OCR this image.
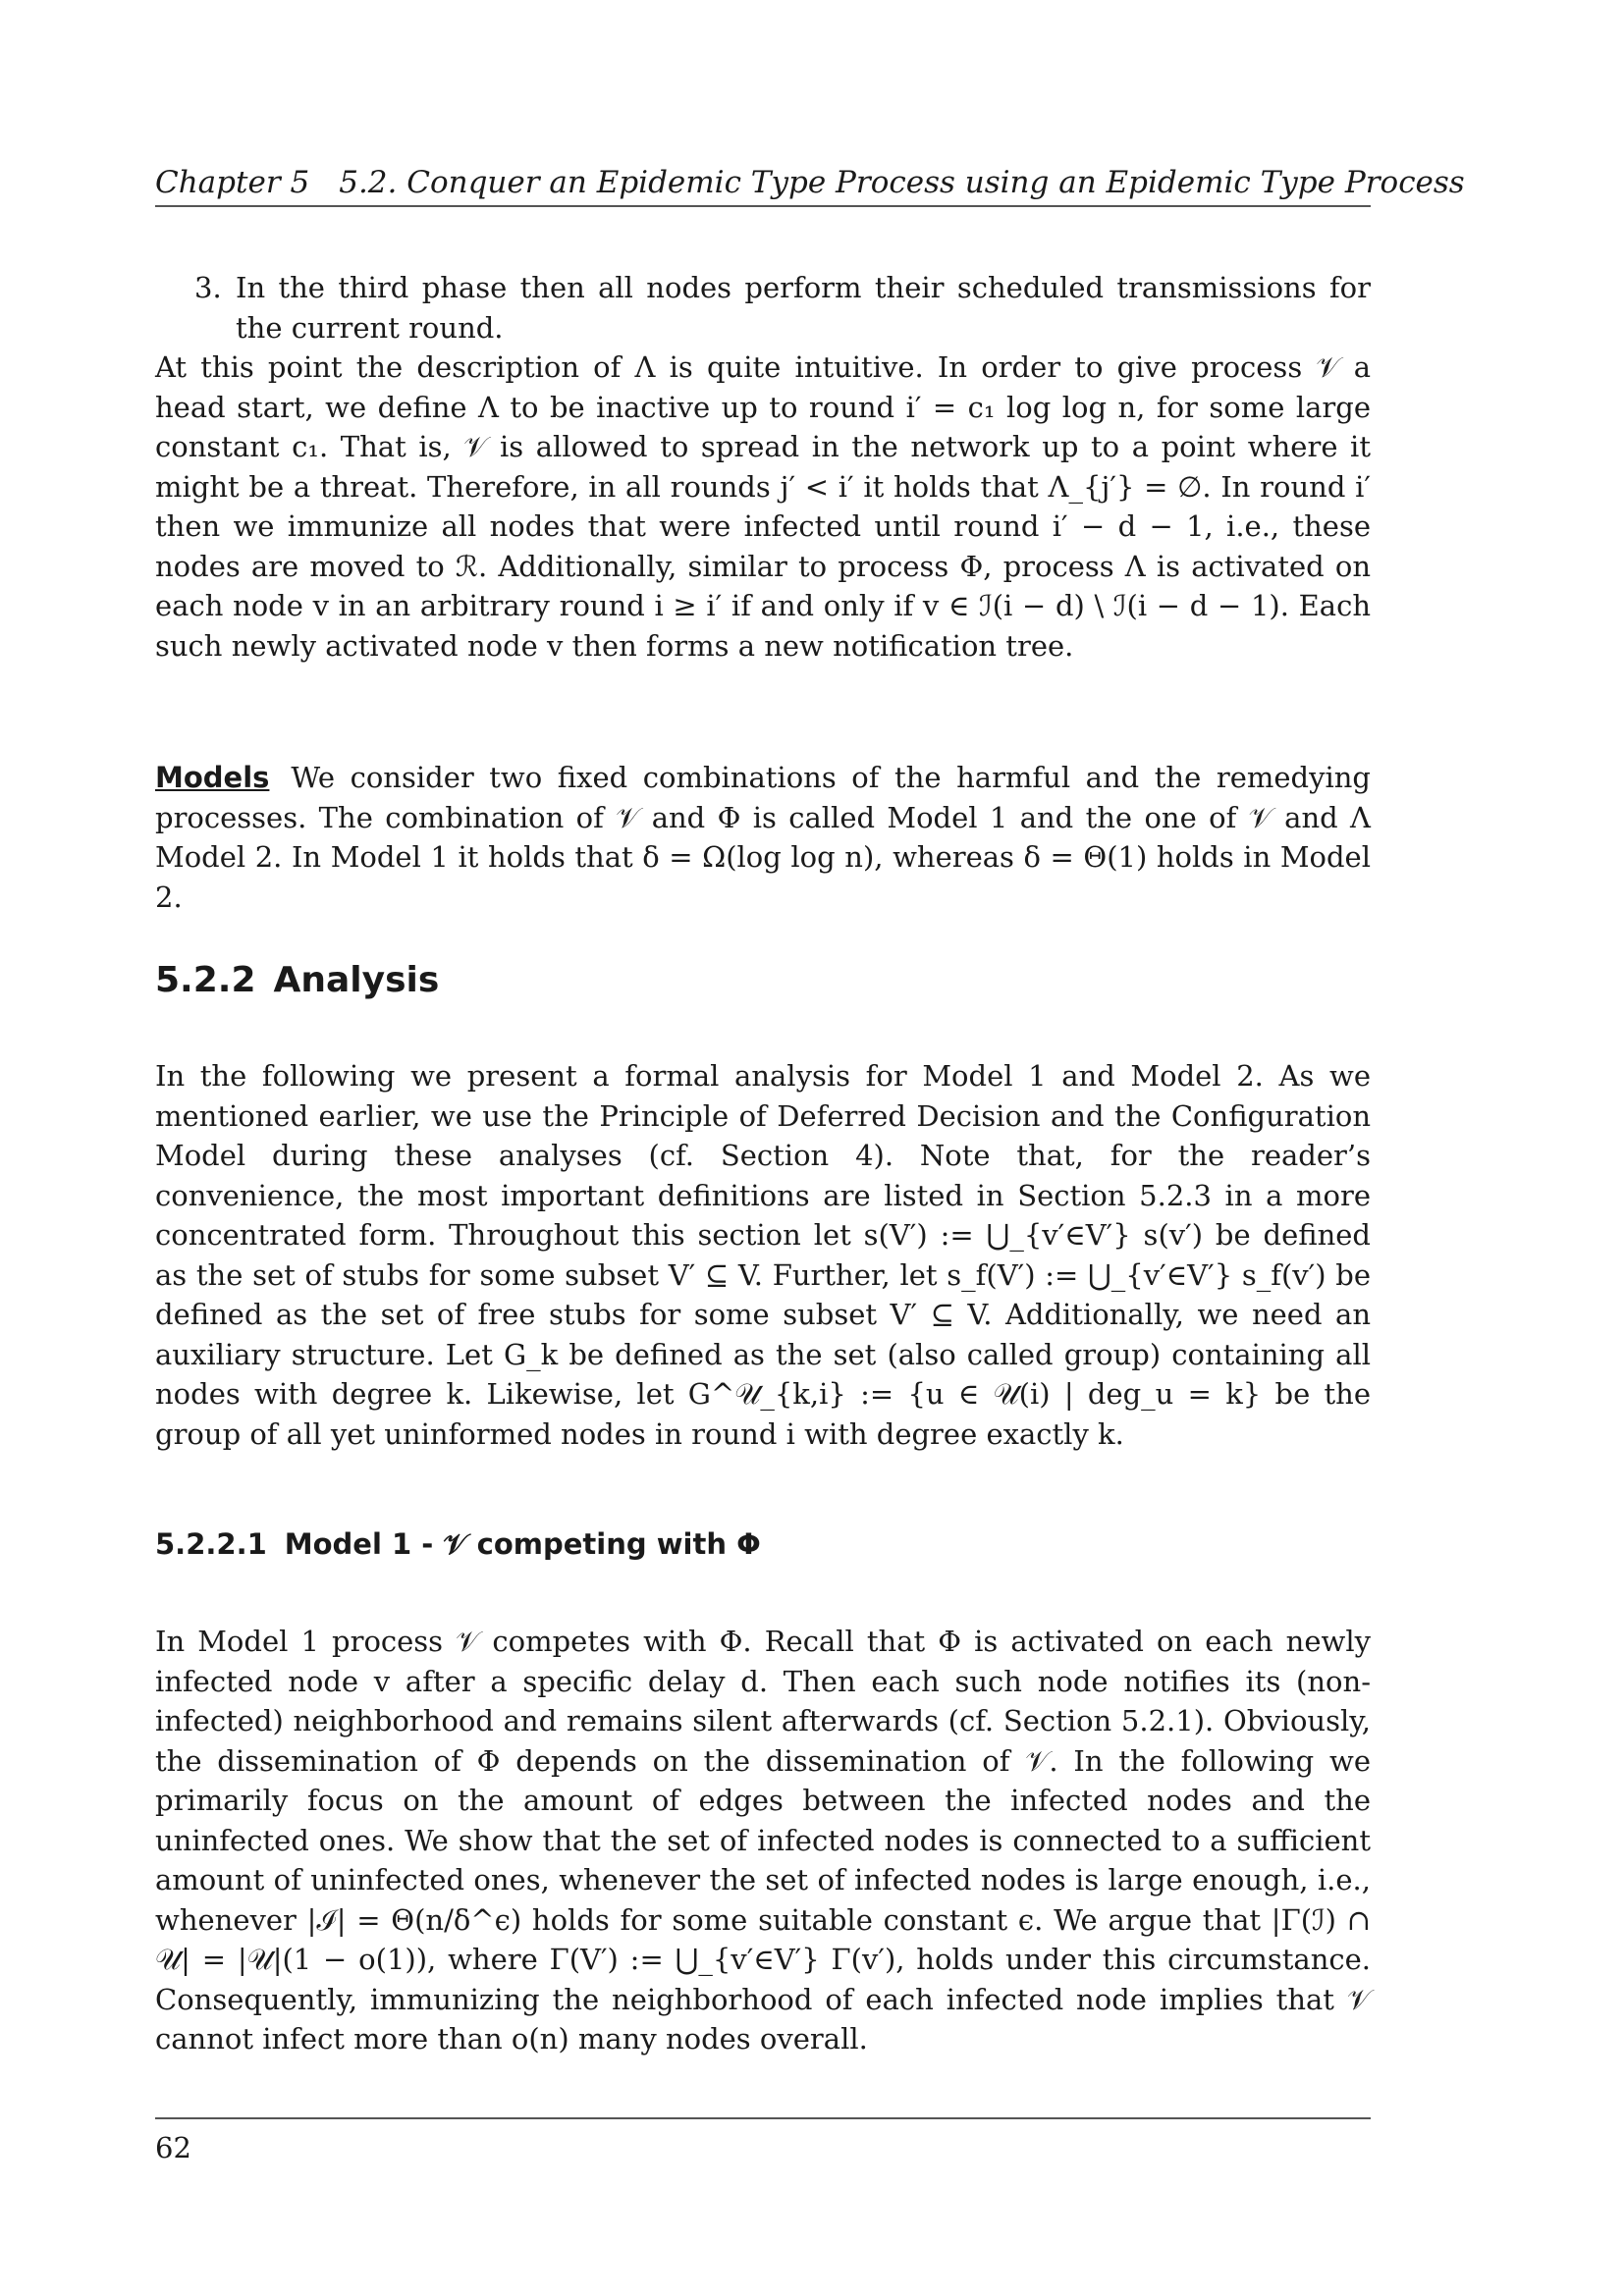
Chapter 5 5.2. Conquer an Epidemic Type Process using an Epidemic Type Process
3. In the third phase then all nodes perform their scheduled transmissions for the current round.

At this point the description of Λ is quite intuitive. In order to give process 𝒱 a head start, we define Λ to be inactive up to round i′ = c₁ log log n, for some large constant c₁. That is, 𝒱 is allowed to spread in the network up to a point where it might be a threat. Therefore, in all rounds j′ < i′ it holds that Λ_{j′} = ∅. In round i′ then we immunize all nodes that were infected until round i′ − d − 1, i.e., these nodes are moved to ℛ. Additionally, similar to process Φ, process Λ is activated on each node v in an arbitrary round i ≥ i′ if and only if v ∈ ℐ(i − d) \ ℐ(i − d − 1). Each such newly activated node v then forms a new notification tree.

Models We consider two fixed combinations of the harmful and the remedying processes. The combination of 𝒱 and Φ is called Model 1 and the one of 𝒱 and Λ Model 2. In Model 1 it holds that δ = Ω(log log n), whereas δ = Θ(1) holds in Model 2.

5.2.2 Analysis

In the following we present a formal analysis for Model 1 and Model 2. As we mentioned earlier, we use the Principle of Deferred Decision and the Configuration Model during these analyses (cf. Section 4). Note that, for the reader’s convenience, the most important definitions are listed in Section 5.2.3 in a more concentrated form. Throughout this section let s(V′) := ⋃_{v′∈V′} s(v′) be defined as the set of stubs for some subset V′ ⊆ V. Further, let s_f(V′) := ⋃_{v′∈V′} s_f(v′) be defined as the set of free stubs for some subset V′ ⊆ V. Additionally, we need an auxiliary structure. Let G_k be defined as the set (also called group) containing all nodes with degree k. Likewise, let G^𝒰_{k,i} := {u ∈ 𝒰(i) | deg_u = k} be the group of all yet uninformed nodes in round i with degree exactly k.

5.2.2.1 Model 1 - 𝒱 competing with Φ

In Model 1 process 𝒱 competes with Φ. Recall that Φ is activated on each newly infected node v after a specific delay d. Then each such node notifies its (non-infected) neighborhood and remains silent afterwards (cf. Section 5.2.1). Obviously, the dissemination of Φ depends on the dissemination of 𝒱. In the following we primarily focus on the amount of edges between the infected nodes and the uninfected ones. We show that the set of infected nodes is connected to a sufficient amount of uninfected ones, whenever the set of infected nodes is large enough, i.e., whenever |ℐ| = Θ(n/δ^ϵ) holds for some suitable constant ϵ. We argue that |Γ(ℐ) ∩ 𝒰| = |𝒰|(1 − o(1)), where Γ(V′) := ⋃_{v′∈V′} Γ(v′), holds under this circumstance. Consequently, immunizing the neighborhood of each infected node implies that 𝒱 cannot infect more than o(n) many nodes overall.

62
